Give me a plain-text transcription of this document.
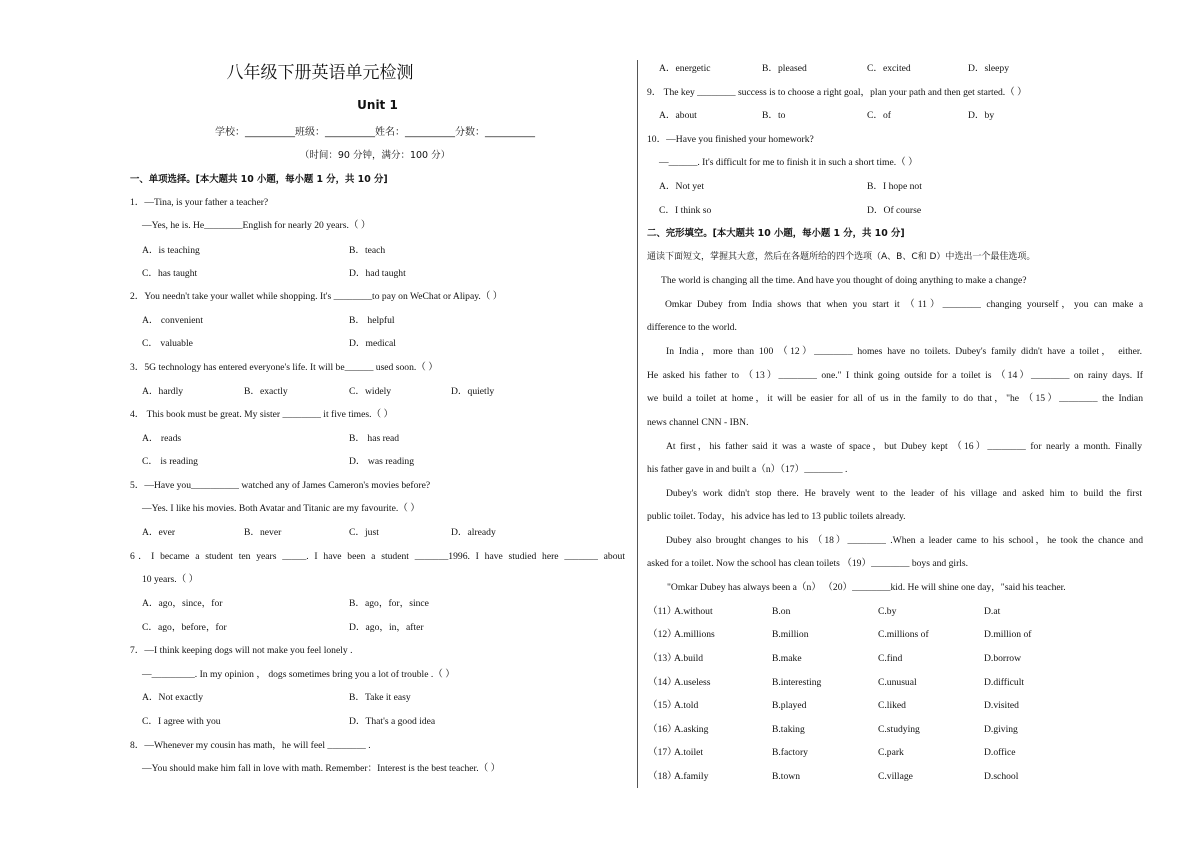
八年级下册英语单元检测
Unit 1
学校：__________班级：__________姓名：__________分数：__________
（时间：90 分钟，满分：100 分）
一、单项选择。[本大题共 10 小题，每小题 1 分，共 10 分]
1．—Tina, is your father a teacher?
—Yes, he is. He________English for nearly 20 years.（ ）
A．is teaching	B．teach
C．has taught	D．had taught
2．You needn't take your wallet while shopping. It's ________to pay on WeChat or Alipay.（ ）
A． convenient	B． helpful
C． valuable	D．medical
3．5G technology has entered everyone's life. It will be______ used soon.（ ）
A．hardly	B．exactly	C．widely	D．quietly
4． This book must be great. My sister ________ it five times.（ ）
A． reads	B． has read
C． is reading	D． was reading
5．—Have you__________ watched any of James Cameron's movies before?
—Yes. I like his movies. Both Avatar and Titanic are my favourite.（ ）
A．ever	B．never	C．just	D．already
6．I became a student ten years _____. I have been a student _______1996. I have studied here _______ about
10 years.（ ）
A．ago，since，for	B．ago，for，since
C．ago，before，for	D．ago，in，after
7．—I think keeping dogs will not make you feel lonely .
—_________. In my opinion ， dogs sometimes bring you a lot of trouble .（ ）
A．Not exactly	B．Take it easy
C．I agree with you	D．That's a good idea
8．—Whenever my cousin has math，he will feel ________ .
—You should make him fall in love with math. Remember：Interest is the best teacher.（ ）
A．energetic	B．pleased	C．excited	D．sleepy
9． The key ________ success is to choose a right goal，plan your path and then get started.（ ）
A．about	B．to	C．of	D．by
10．—Have you finished your homework?
—______. It's difficult for me to finish it in such a short time.（ ）
A．Not yet	B．I hope not
C．I think so	D．Of course
二、完形填空。[本大题共 10 小题，每小题 1 分，共 10 分]
通读下面短文，掌握其大意，然后在各题所给的四个选项（A、B、C和 D）中选出一个最佳选项。
The world is changing all the time. And have you thought of doing anything to make a change?
Omkar Dubey from India shows that when you start it （11）________ changing yourself，you can make a
difference to the world.
In India，more than 100 （12）________ homes have no toilets. Dubey's family didn't have a toilet， either.
He asked his father to （13）________ one." I think going outside for a toilet is （14）________ on rainy days. If
we build a toilet at home，it will be easier for all of us in the family to do that，"he （15）________ the Indian
news channel CNN - IBN.
At first，his father said it was a waste of space，but Dubey kept （16）________ for nearly a month. Finally
his father gave in and built a（n）（17）________ .
Dubey's work didn't stop there. He bravely went to the leader of his village and asked him to build the first
public toilet. Today，his advice has led to 13 public toilets already.
Dubey also brought changes to his （18）________ .When a leader came to his school，he took the chance and
asked for a toilet. Now the school has clean toilets （19）________ boys and girls.
"Omkar Dubey has always been a（n） （20）________kid. He will shine one day，"said his teacher.
（11）
A.without	B.on	C.by	D.at
（12）
A.millions	B.million	C.millions of	D.million of
（13）
A.build	B.make	C.find	D.borrow
（14）
A.useless	B.interesting	C.unusual	D.difficult
（15）
A.told	B.played	C.liked	D.visited
（16）
A.asking	B.taking	C.studying	D.giving
（17）
A.toilet	B.factory	C.park	D.office
（18）
A.family	B.town	C.village	D.school
